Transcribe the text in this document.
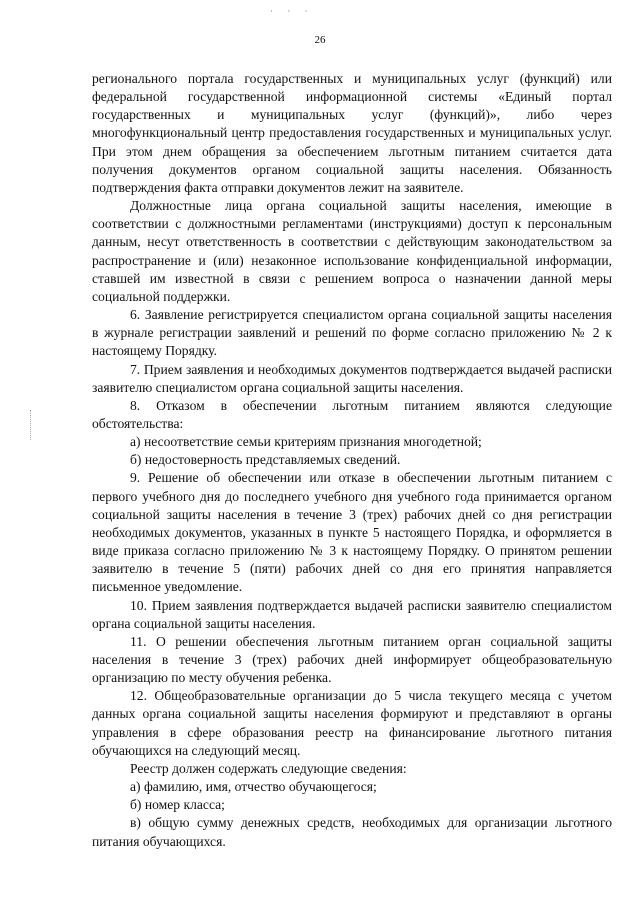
· · ·
26

регионального портала государственных и муниципальных услуг (функций) или федеральной государственной информационной системы «Единый портал государственных и муниципальных услуг (функций)», либо через многофункциональный центр предоставления государственных и муниципальных услуг. При этом днем обращения за обеспечением льготным питанием считается дата получения документов органом социальной защиты населения. Обязанность подтверждения факта отправки документов лежит на заявителе.

Должностные лица органа социальной защиты населения, имеющие в соответствии с должностными регламентами (инструкциями) доступ к персональным данным, несут ответственность в соответствии с действующим законодательством за распространение и (или) незаконное использование конфиденциальной информации, ставшей им известной в связи с решением вопроса о назначении данной меры социальной поддержки.

6. Заявление регистрируется специалистом органа социальной защиты населения в журнале регистрации заявлений и решений по форме согласно приложению № 2 к настоящему Порядку.

7. Прием заявления и необходимых документов подтверждается выдачей расписки заявителю специалистом органа социальной защиты населения.

8. Отказом в обеспечении льготным питанием являются следующие обстоятельства:

а) несоответствие семьи критериям признания многодетной;

б) недостоверность представляемых сведений.

9. Решение об обеспечении или отказе в обеспечении льготным питанием с первого учебного дня до последнего учебного дня учебного года принимается органом социальной защиты населения в течение 3 (трех) рабочих дней со дня регистрации необходимых документов, указанных в пункте 5 настоящего Порядка, и оформляется в виде приказа согласно приложению № 3 к настоящему Порядку. О принятом решении заявителю в течение 5 (пяти) рабочих дней со дня его принятия направляется письменное уведомление.

10. Прием заявления подтверждается выдачей расписки заявителю специалистом органа социальной защиты населения.

11. О решении обеспечения льготным питанием орган социальной защиты населения в течение 3 (трех) рабочих дней информирует общеобразовательную организацию по месту обучения ребенка.

12. Общеобразовательные организации до 5 числа текущего месяца с учетом данных органа социальной защиты населения формируют и представляют в органы управления в сфере образования реестр на финансирование льготного питания обучающихся на следующий месяц.

Реестр должен содержать следующие сведения:

а) фамилию, имя, отчество обучающегося;

б) номер класса;

в) общую сумму денежных средств, необходимых для организации льготного питания обучающихся.
